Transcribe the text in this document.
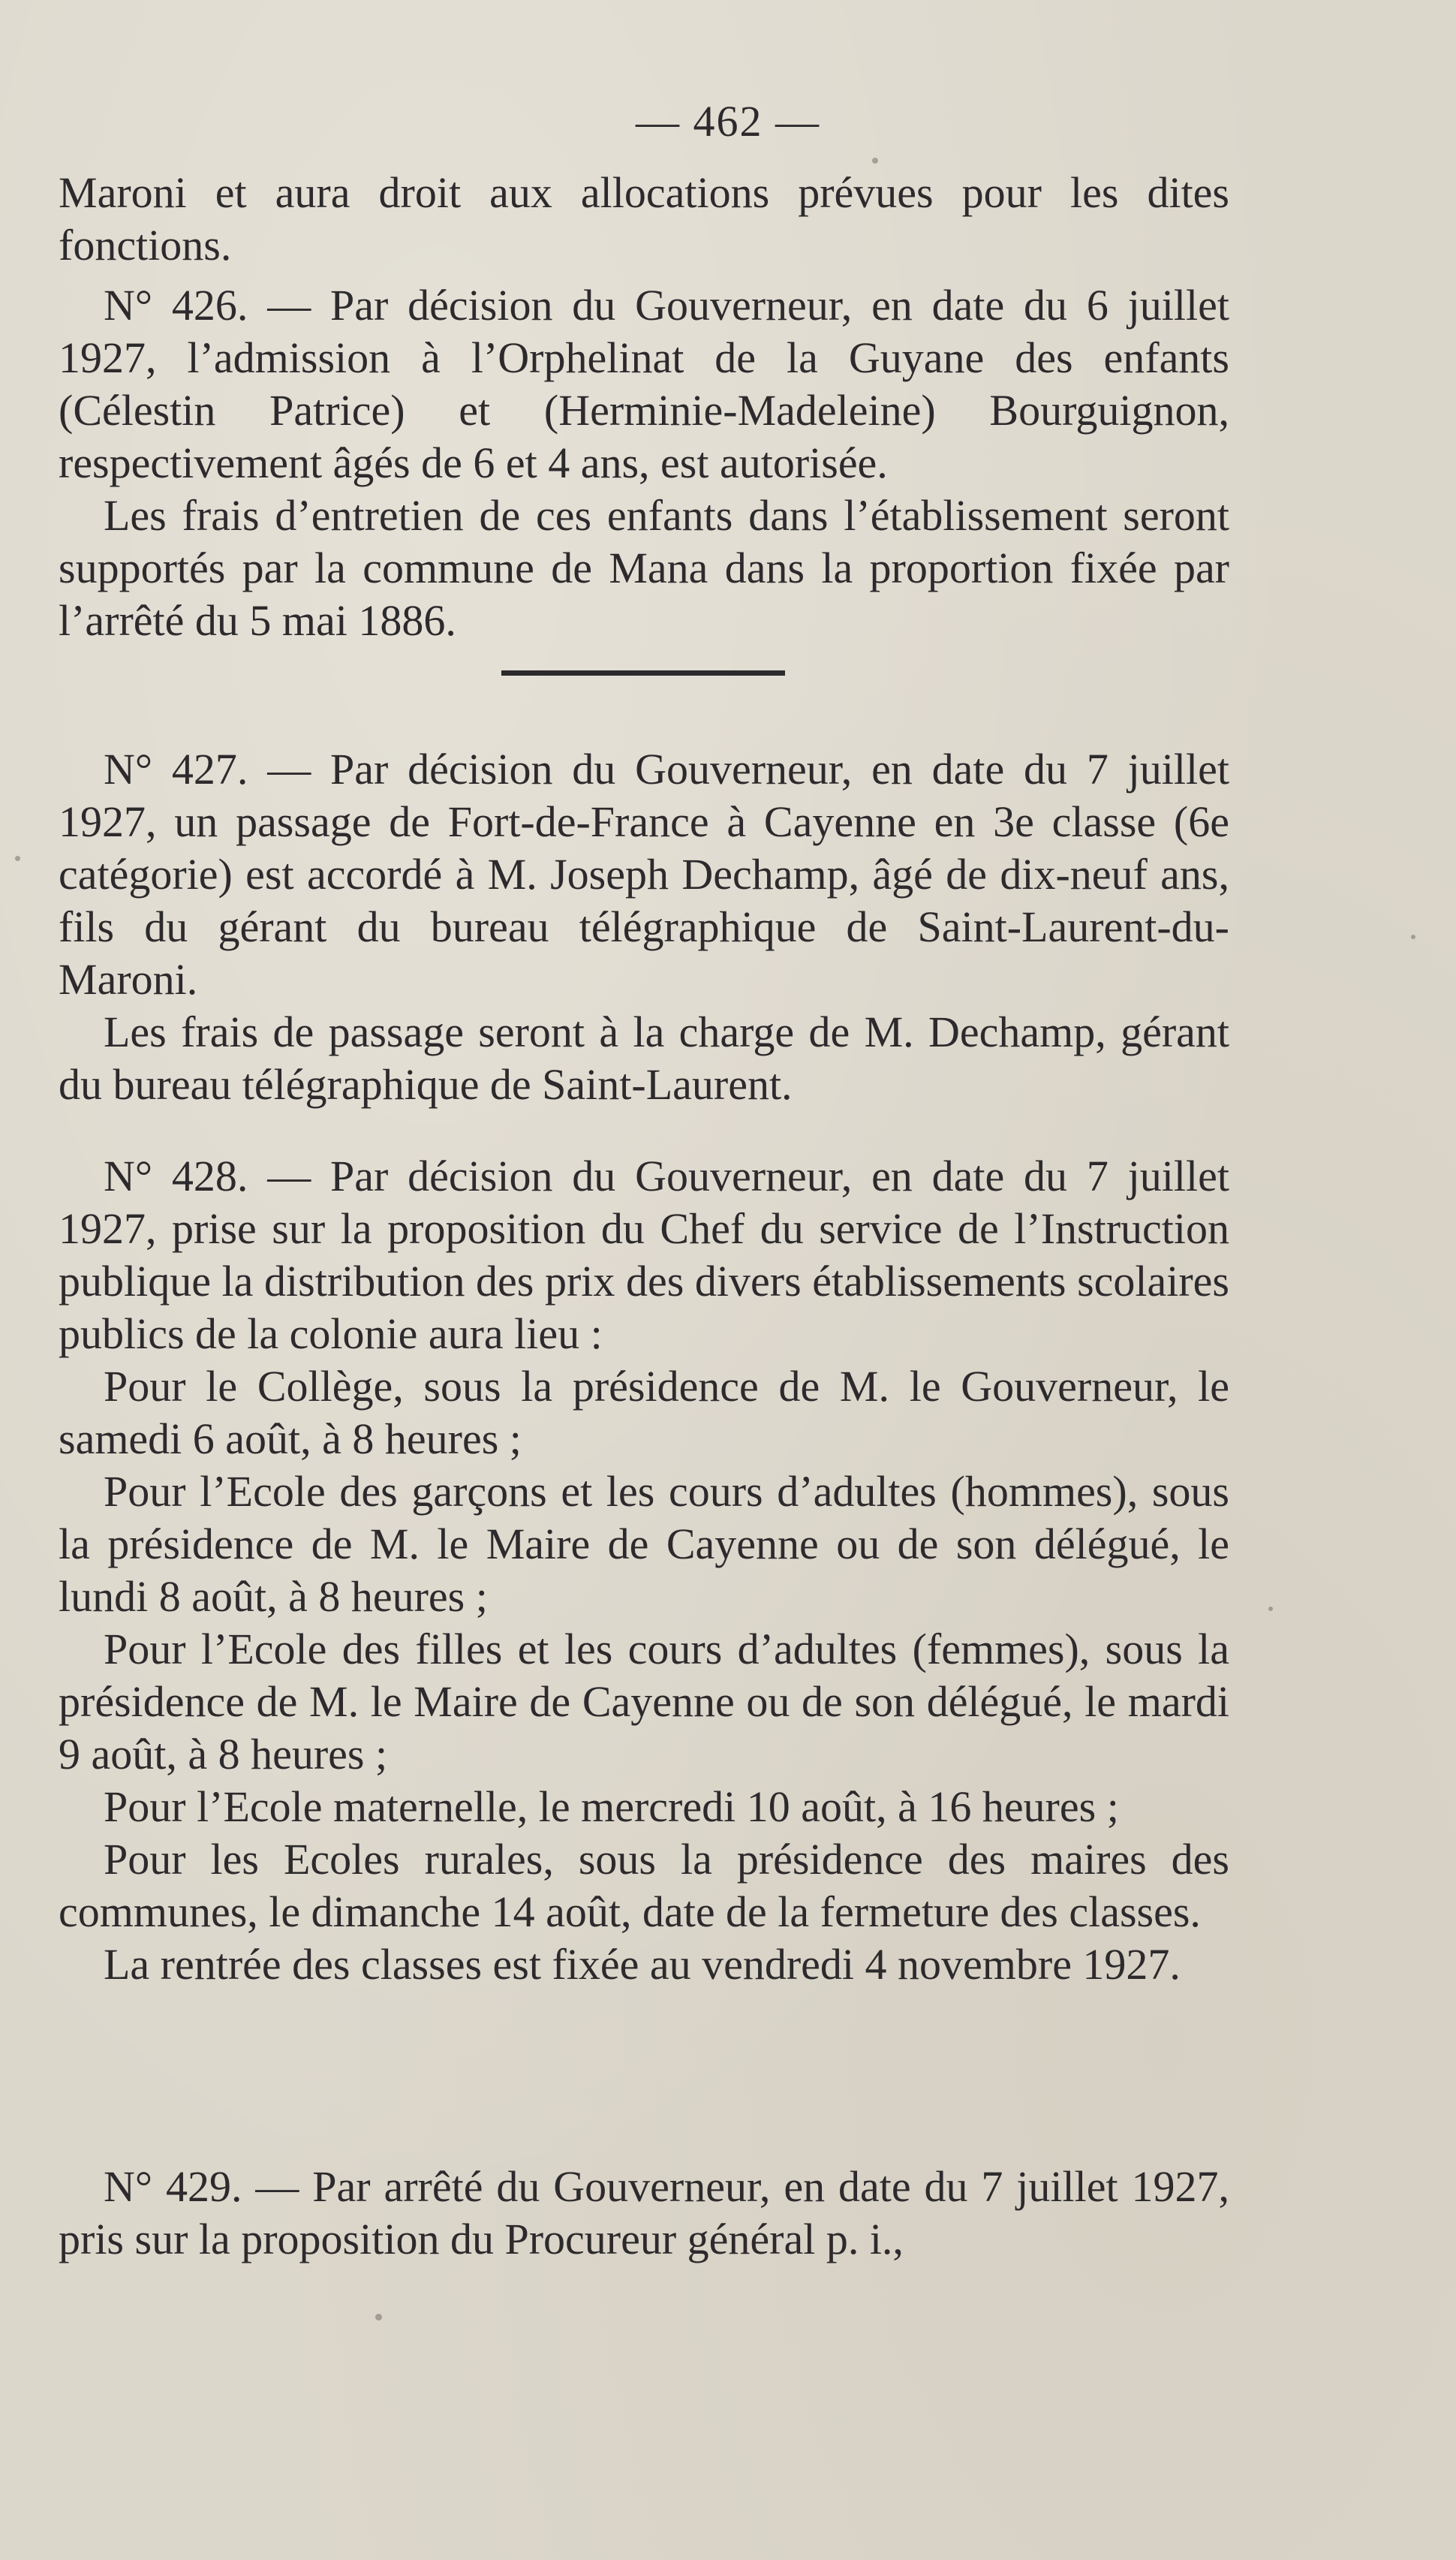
— 462 —

Maroni et aura droit aux allocations prévues pour les dites fonctions.

N° 426. — Par décision du Gouverneur, en date du 6 juillet 1927, l’admission à l’Orphelinat de la Guyane des enfants (Célestin Patrice) et (Herminie-Madeleine) Bourguignon, respectivement âgés de 6 et 4 ans, est autorisée.

Les frais d’entretien de ces enfants dans l’établissement seront supportés par la commune de Mana dans la proportion fixée par l’arrêté du 5 mai 1886.

N° 427. — Par décision du Gouverneur, en date du 7 juillet 1927, un passage de Fort-de-France à Cayenne en 3e classe (6e catégorie) est accordé à M. Joseph Dechamp, âgé de dix-neuf ans, fils du gérant du bureau télégraphique de Saint-Laurent-du-Maroni.

Les frais de passage seront à la charge de M. Dechamp, gérant du bureau télégraphique de Saint-Laurent.

N° 428. — Par décision du Gouverneur, en date du 7 juillet 1927, prise sur la proposition du Chef du service de l’Instruction publique la distribution des prix des divers établissements scolaires publics de la colonie aura lieu :

Pour le Collège, sous la présidence de M. le Gouverneur, le samedi 6 août, à 8 heures ;

Pour l’Ecole des garçons et les cours d’adultes (hommes), sous la présidence de M. le Maire de Cayenne ou de son délégué, le lundi 8 août, à 8 heures ;

Pour l’Ecole des filles et les cours d’adultes (femmes), sous la présidence de M. le Maire de Cayenne ou de son délégué, le mardi 9 août, à 8 heures ;

Pour l’Ecole maternelle, le mercredi 10 août, à 16 heures ;

Pour les Ecoles rurales, sous la présidence des maires des communes, le dimanche 14 août, date de la fermeture des classes.

La rentrée des classes est fixée au vendredi 4 novembre 1927.

N° 429. — Par arrêté du Gouverneur, en date du 7 juillet 1927, pris sur la proposition du Procureur général p. i.,
